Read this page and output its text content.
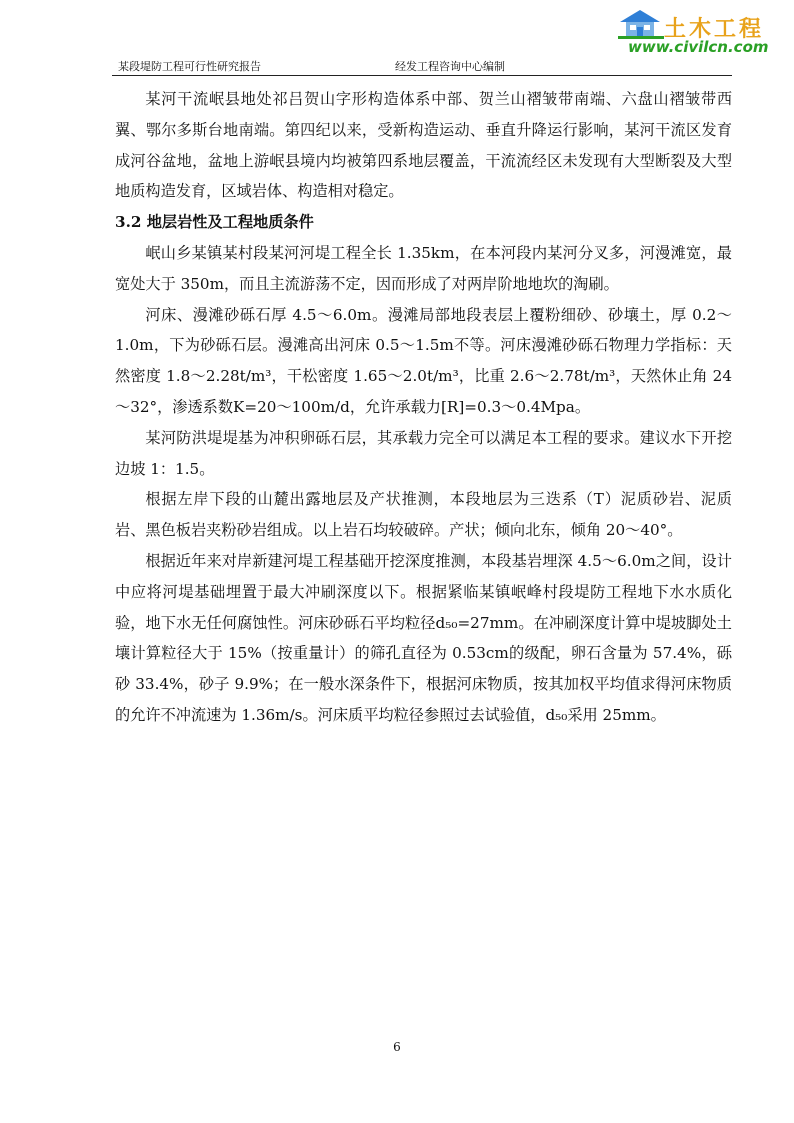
土木工程
www.civilcn.com
某段堤防工程可行性研究报告	经发工程咨询中心编制

某河干流岷县地处祁吕贺山字形构造体系中部、贺兰山褶皱带南端、六盘山褶皱带西翼、鄂尔多斯台地南端。第四纪以来，受新构造运动、垂直升降运行影响，某河干流区发育成河谷盆地，盆地上游岷县境内均被第四系地层覆盖，干流流经区未发现有大型断裂及大型地质构造发育，区域岩体、构造相对稳定。

3.2 地层岩性及工程地质条件

岷山乡某镇某村段某河河堤工程全长 1.35km，在本河段内某河分叉多，河漫滩宽，最宽处大于 350m，而且主流游荡不定，因而形成了对两岸阶地地坎的淘刷。

河床、漫滩砂砾石厚 4.5～6.0m。漫滩局部地段表层上覆粉细砂、砂壤土，厚 0.2～1.0m，下为砂砾石层。漫滩高出河床 0.5～1.5m不等。河床漫滩砂砾石物理力学指标：天然密度 1.8～2.28t/m³，干松密度 1.65～2.0t/m³，比重 2.6～2.78t/m³，天然休止角 24～32°，渗透系数K=20～100m/d，允许承载力[R]=0.3～0.4Mpa。

某河防洪堤堤基为冲积卵砾石层，其承载力完全可以满足本工程的要求。建议水下开挖边坡 1：1.5。

根据左岸下段的山麓出露地层及产状推测，本段地层为三迭系（T）泥质砂岩、泥质岩、黑色板岩夹粉砂岩组成。以上岩石均较破碎。产状；倾向北东，倾角 20～40°。

根据近年来对岸新建河堤工程基础开挖深度推测，本段基岩埋深 4.5～6.0m之间，设计中应将河堤基础埋置于最大冲刷深度以下。根据紧临某镇岷峰村段堤防工程地下水水质化验，地下水无任何腐蚀性。河床砂砾石平均粒径d₅₀=27mm。在冲刷深度计算中堤坡脚处土壤计算粒径大于 15%（按重量计）的筛孔直径为 0.53cm的级配，卵石含量为 57.4%，砾砂 33.4%，砂子 9.9%；在一般水深条件下，根据河床物质，按其加权平均值求得河床物质的允许不冲流速为 1.36m/s。河床质平均粒径参照过去试验值，d₅₀采用 25mm。

6
